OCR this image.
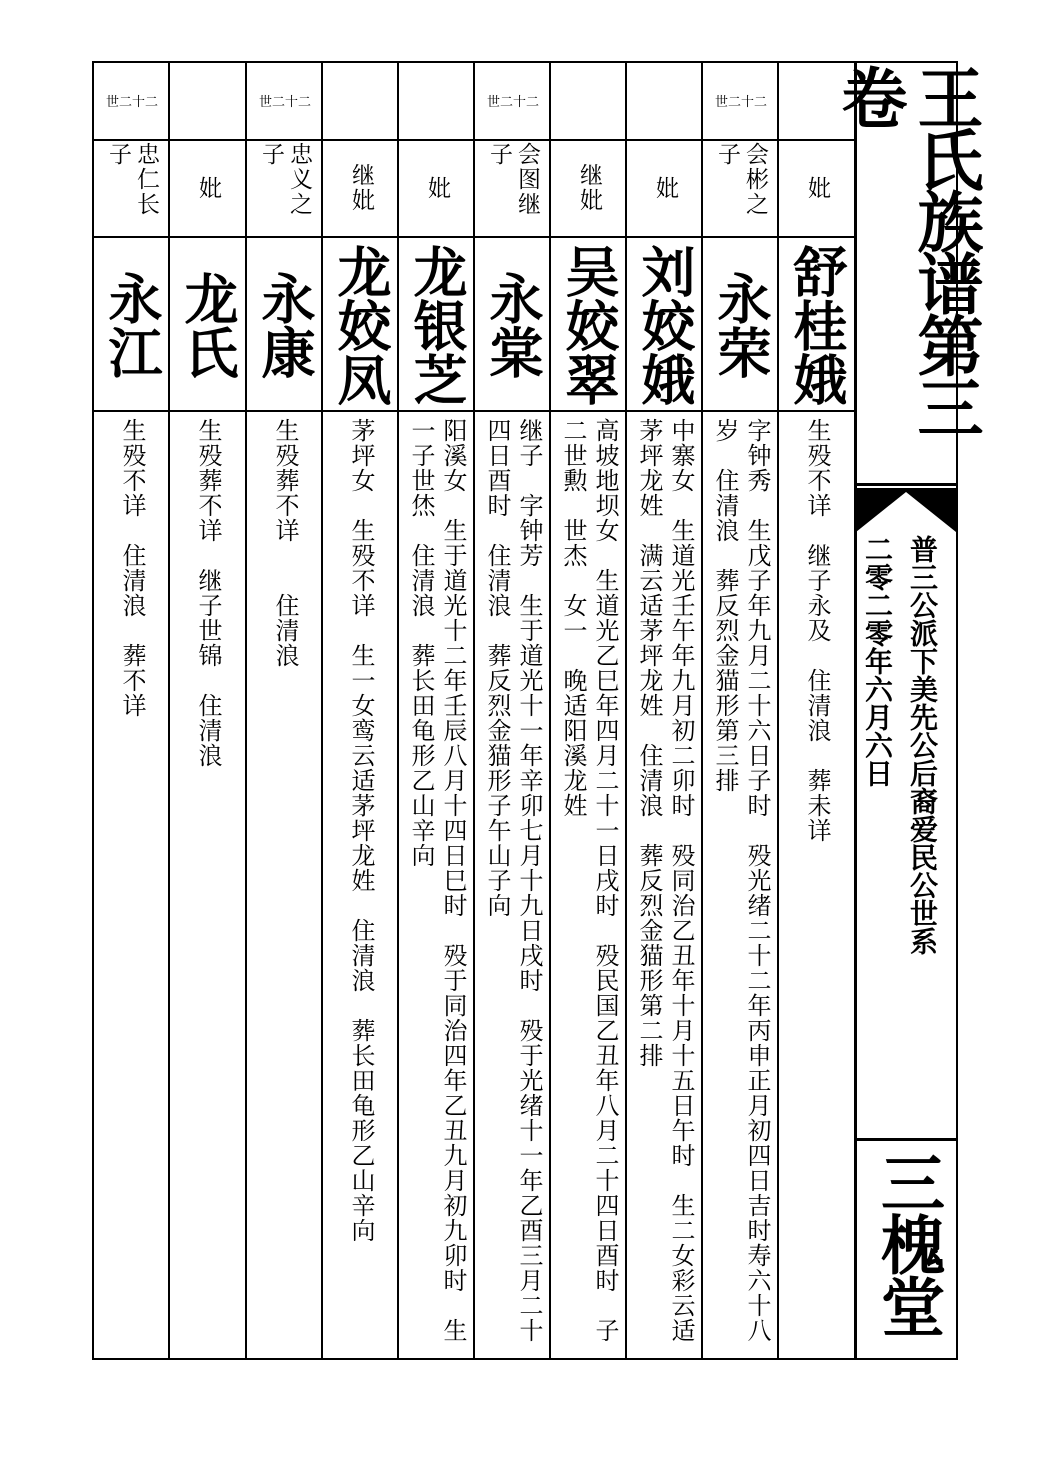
妣
舒桂娥
生殁不详　继子永及　住清浪　葬未详
世二十二
会彬之子
永荣
字钟秀　生戊子年九月二十六日子时　殁光绪二十二年丙申正月初四日吉时寿六十八岁　住清浪　葬反烈金猫形第三排
妣
刘姣娥
中寨女　生道光壬午年九月初二卯时　殁同治乙丑年十月十五日午时　生二女彩云适茅坪龙姓　满云适茅坪龙姓　住清浪　葬反烈金猫形第二排
继妣
吴姣翠
高坡地坝女　生道光乙巳年四月二十一日戌时　殁民国乙丑年八月二十四日酉时　子二世勲　世杰　女一　晚适阳溪龙姓
世二十二
会图继子
永棠
继子　字钟芳　生于道光十一年辛卯七月十九日戌时　殁于光绪十一年乙酉三月二十四日酉时　住清浪　葬反烈金猫形子午山子向
妣
龙银芝
阳溪女　生于道光十二年壬辰八月十四日巳时　殁于同治四年乙丑九月初九卯时　生一子世烋　住清浪　葬长田龟形乙山辛向
继妣
龙姣凤
茅坪女　生殁不详　生一女鸾云适茅坪龙姓　住清浪　葬长田龟形乙山辛向
世二十二
忠义之子
永康
生殁葬不详　　住清浪
妣
龙氏
生殁葬不详　继子世锦　住清浪
世二十二
忠仁长子
永江
生殁不详　住清浪　葬不详
王氏族谱第三卷
普三公派下美先公后裔爱民公世系
二零二零年六月六日
三槐堂
